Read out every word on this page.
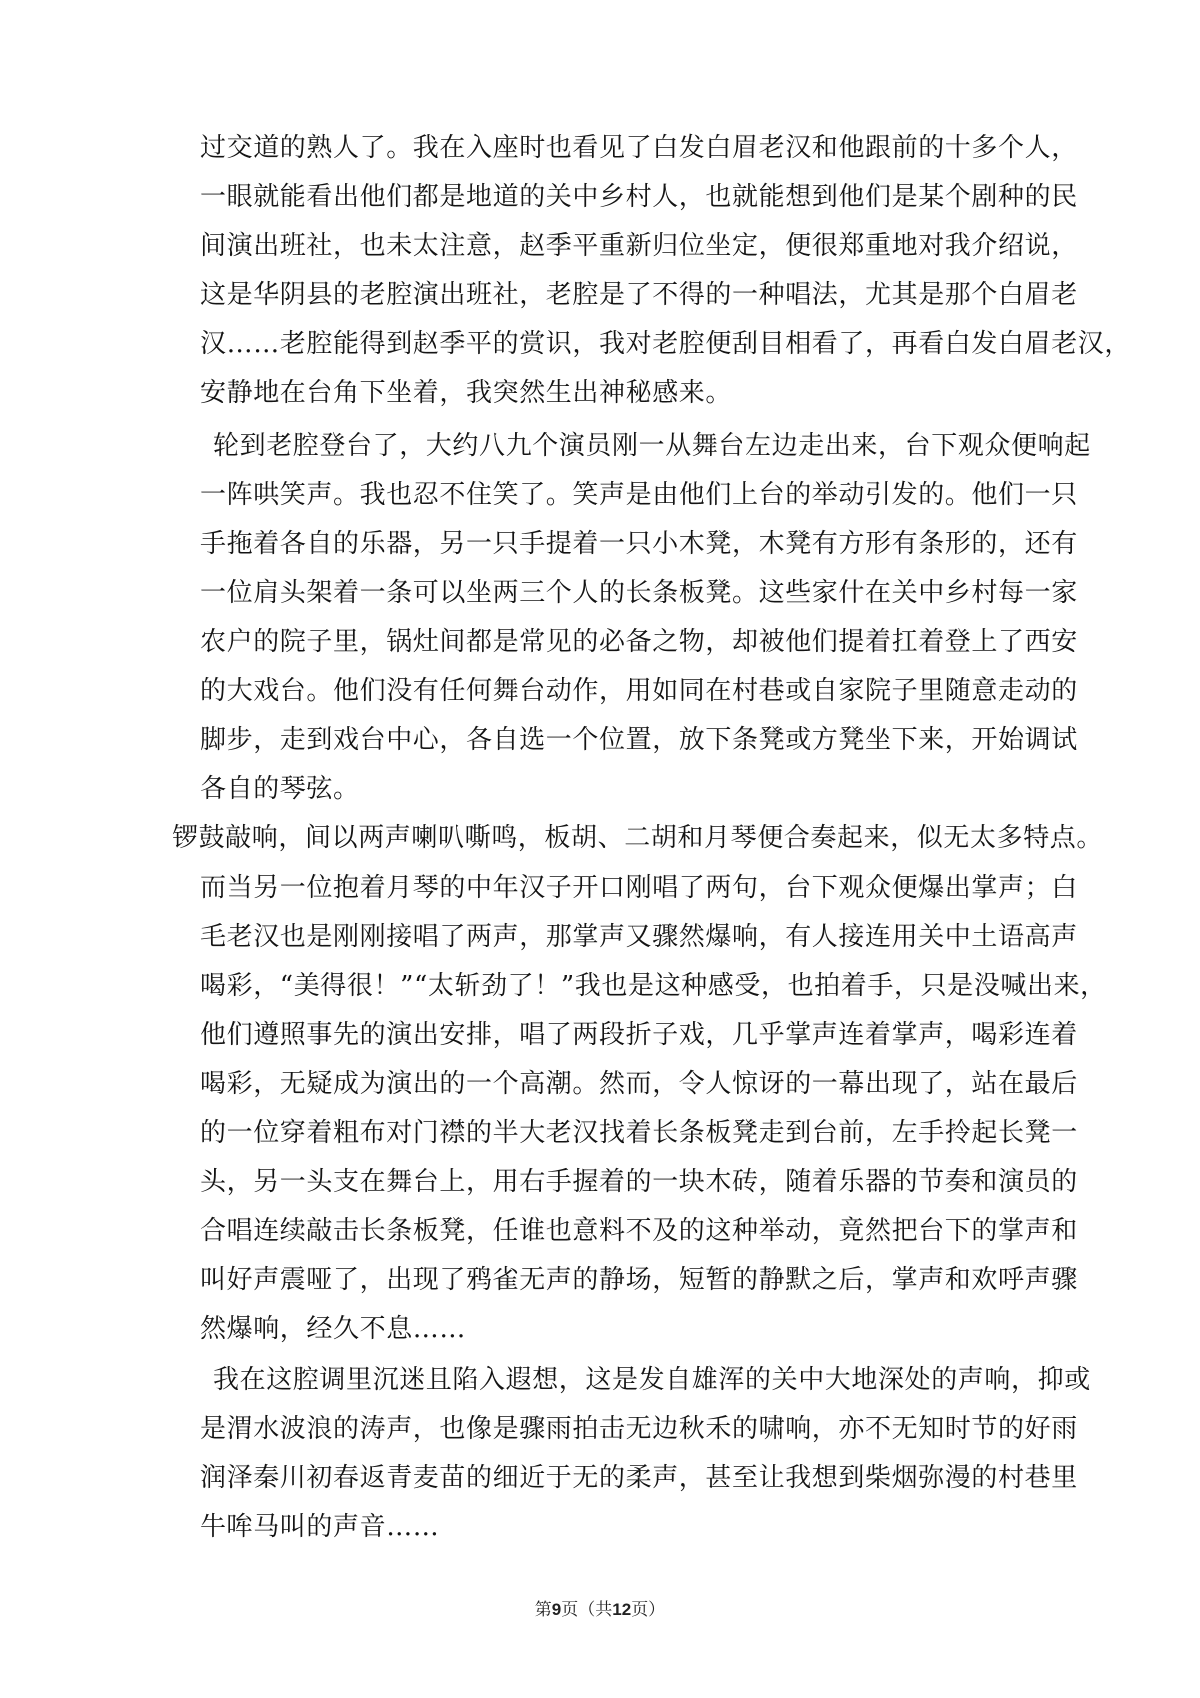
过交道的熟人了。我在入座时也看见了白发白眉老汉和他跟前的十多个人，
一眼就能看出他们都是地道的关中乡村人，也就能想到他们是某个剧种的民
间演出班社，也未太注意，赵季平重新归位坐定，便很郑重地对我介绍说，
这是华阴县的老腔演出班社，老腔是了不得的一种唱法，尤其是那个白眉老
汉……老腔能得到赵季平的赏识，我对老腔便刮目相看了，再看白发白眉老汉，
安静地在台角下坐着，我突然生出神秘感来。
轮到老腔登台了，大约八九个演员刚一从舞台左边走出来，台下观众便响起
一阵哄笑声。我也忍不住笑了。笑声是由他们上台的举动引发的。他们一只
手拖着各自的乐器，另一只手提着一只小木凳，木凳有方形有条形的，还有
一位肩头架着一条可以坐两三个人的长条板凳。这些家什在关中乡村每一家
农户的院子里，锅灶间都是常见的必备之物，却被他们提着扛着登上了西安
的大戏台。他们没有任何舞台动作，用如同在村巷或自家院子里随意走动的
脚步，走到戏台中心，各自选一个位置，放下条凳或方凳坐下来，开始调试
各自的琴弦。
锣鼓敲响，间以两声喇叭嘶鸣，板胡、二胡和月琴便合奏起来，似无太多特点。
而当另一位抱着月琴的中年汉子开口刚唱了两句，台下观众便爆出掌声；白
毛老汉也是刚刚接唱了两声，那掌声又骤然爆响，有人接连用关中土语高声
喝彩，“美得很！”“太斩劲了！”我也是这种感受，也拍着手，只是没喊出来，
他们遵照事先的演出安排，唱了两段折子戏，几乎掌声连着掌声，喝彩连着
喝彩，无疑成为演出的一个高潮。然而，令人惊讶的一幕出现了，站在最后
的一位穿着粗布对门襟的半大老汉找着长条板凳走到台前，左手拎起长凳一
头，另一头支在舞台上，用右手握着的一块木砖，随着乐器的节奏和演员的
合唱连续敲击长条板凳，任谁也意料不及的这种举动，竟然把台下的掌声和
叫好声震哑了，出现了鸦雀无声的静场，短暂的静默之后，掌声和欢呼声骤
然爆响，经久不息……
我在这腔调里沉迷且陷入遐想，这是发自雄浑的关中大地深处的声响，抑或
是渭水波浪的涛声，也像是骤雨拍击无边秋禾的啸响，亦不无知时节的好雨
润泽秦川初春返青麦苗的细近于无的柔声，甚至让我想到柴烟弥漫的村巷里
牛哞马叫的声音……
第9页（共12页）
